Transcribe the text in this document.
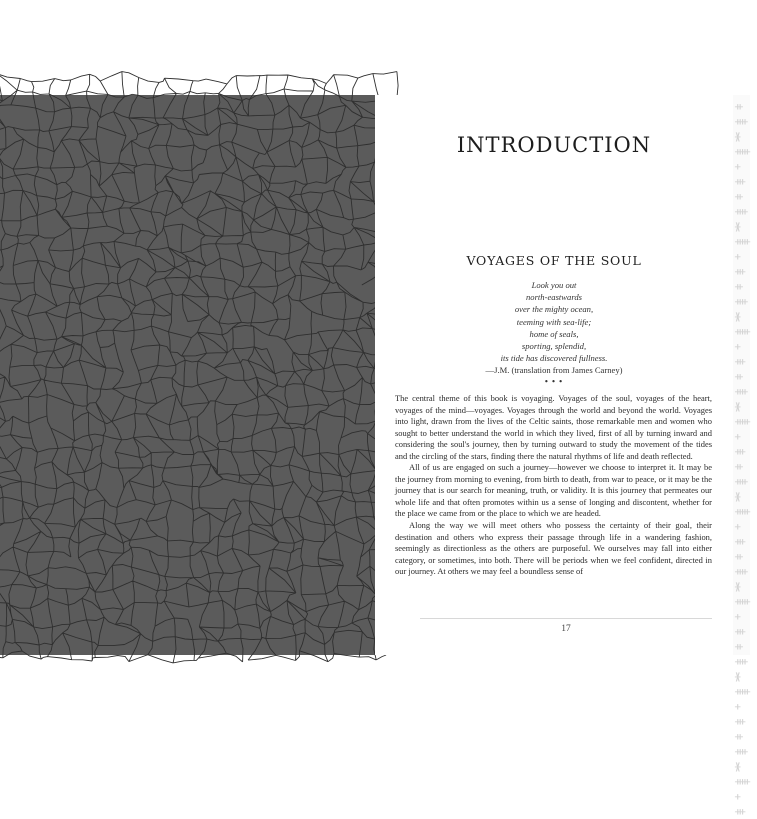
INTRODUCTION
VOYAGES OF THE SOUL
Look you out
north-eastwards
over the mighty ocean,
teeming with sea-life;
home of seals,
sporting, splendid,
its tide has discovered fullness.
—J.M. (translation from James Carney)
• • •

The central theme of this book is voyaging. Voyages of the soul, voyages of the heart, voyages of the mind—voyages. Voyages through the world and beyond the world. Voyages into light, drawn from the lives of the Celtic saints, those remarkable men and women who sought to better understand the world in which they lived, first of all by turning inward and considering the soul's journey, then by turning outward to study the movement of the tides and the circling of the stars, finding there the natural rhythms of life and death reflected.

All of us are engaged on such a journey—however we choose to interpret it. It may be the journey from morning to evening, from birth to death, from war to peace, or it may be the journey that is our search for meaning, truth, or validity. It is this journey that permeates our whole life and that often promotes within us a sense of longing and discontent, whether for the place we came from or the place to which we are headed.

Along the way we will meet others who possess the certainty of their goal, their destination and others who express their passage through life in a wandering fashion, seemingly as directionless as the others are purposeful. We ourselves may fall into either category, or sometimes, into both. There will be periods when we feel confident, directed in our journey. At others we may feel a boundless sense of

17
ᚑᚓᚕᚔᚐᚒᚑᚓᚕᚔᚐᚒᚑᚓᚕᚔᚐᚒᚑᚓᚕᚔᚐᚒᚑᚓᚕᚔᚐᚒᚑᚓᚕᚔᚐᚒᚑᚓᚕᚔᚐᚒᚑᚓᚕᚔᚐᚒ
